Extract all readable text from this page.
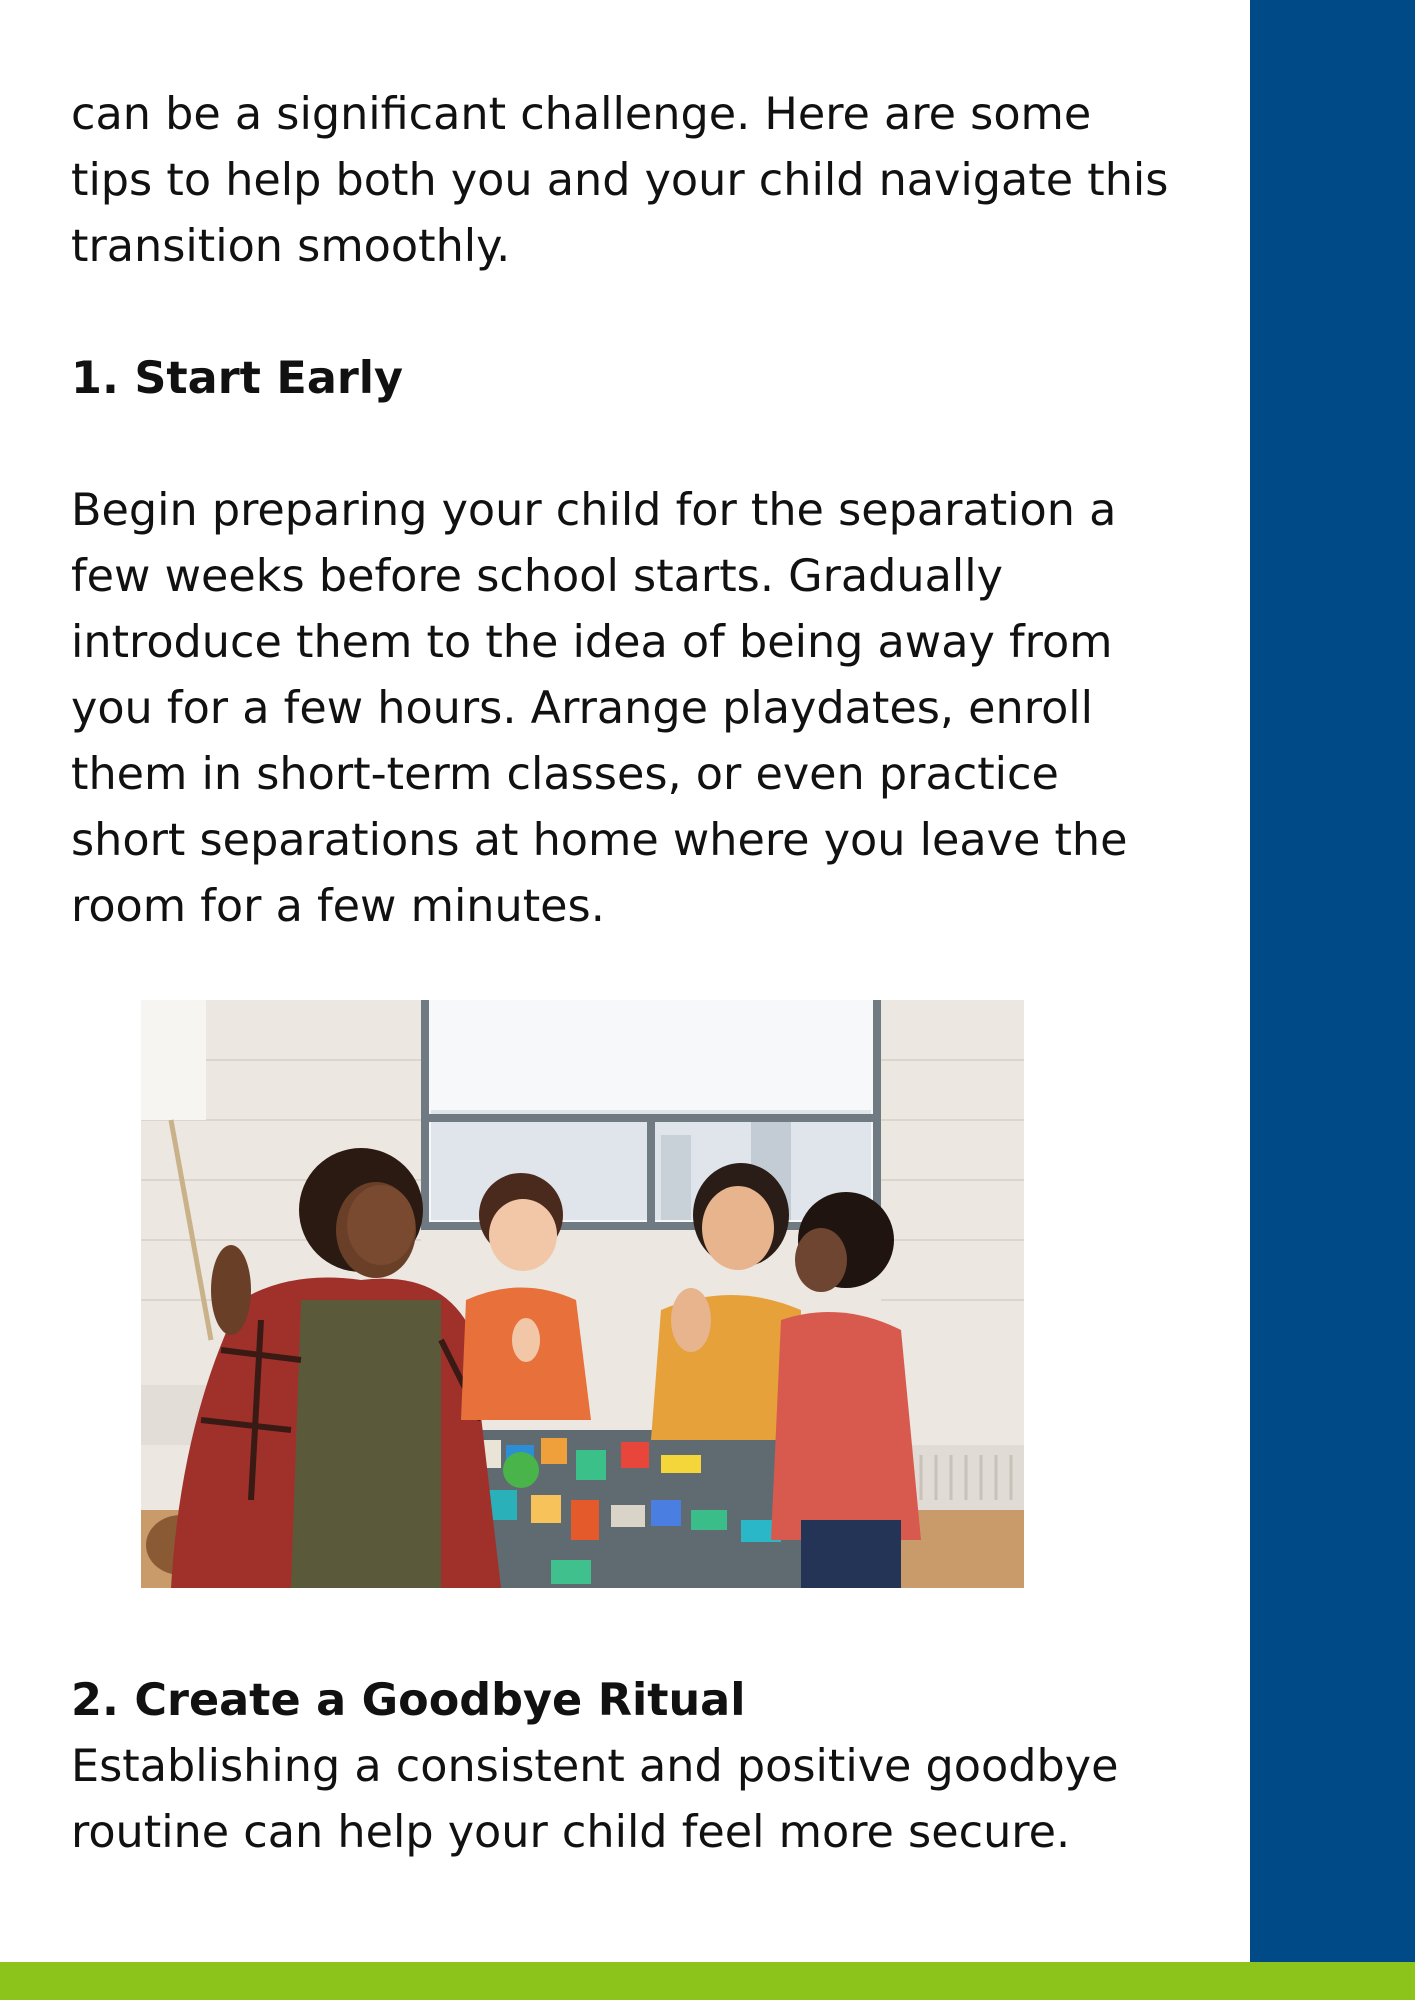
can be a significant challenge. Here are some tips to help both you and your child navigate this transition smoothly.

1. Start Early

Begin preparing your child for the separation a few weeks before school starts. Gradually introduce them to the idea of being away from you for a few hours. Arrange playdates, enroll them in short-term classes, or even practice short separations at home where you leave the room for a few minutes.

2. Create a Goodbye Ritual

Establishing a consistent and positive goodbye routine can help your child feel more secure.
